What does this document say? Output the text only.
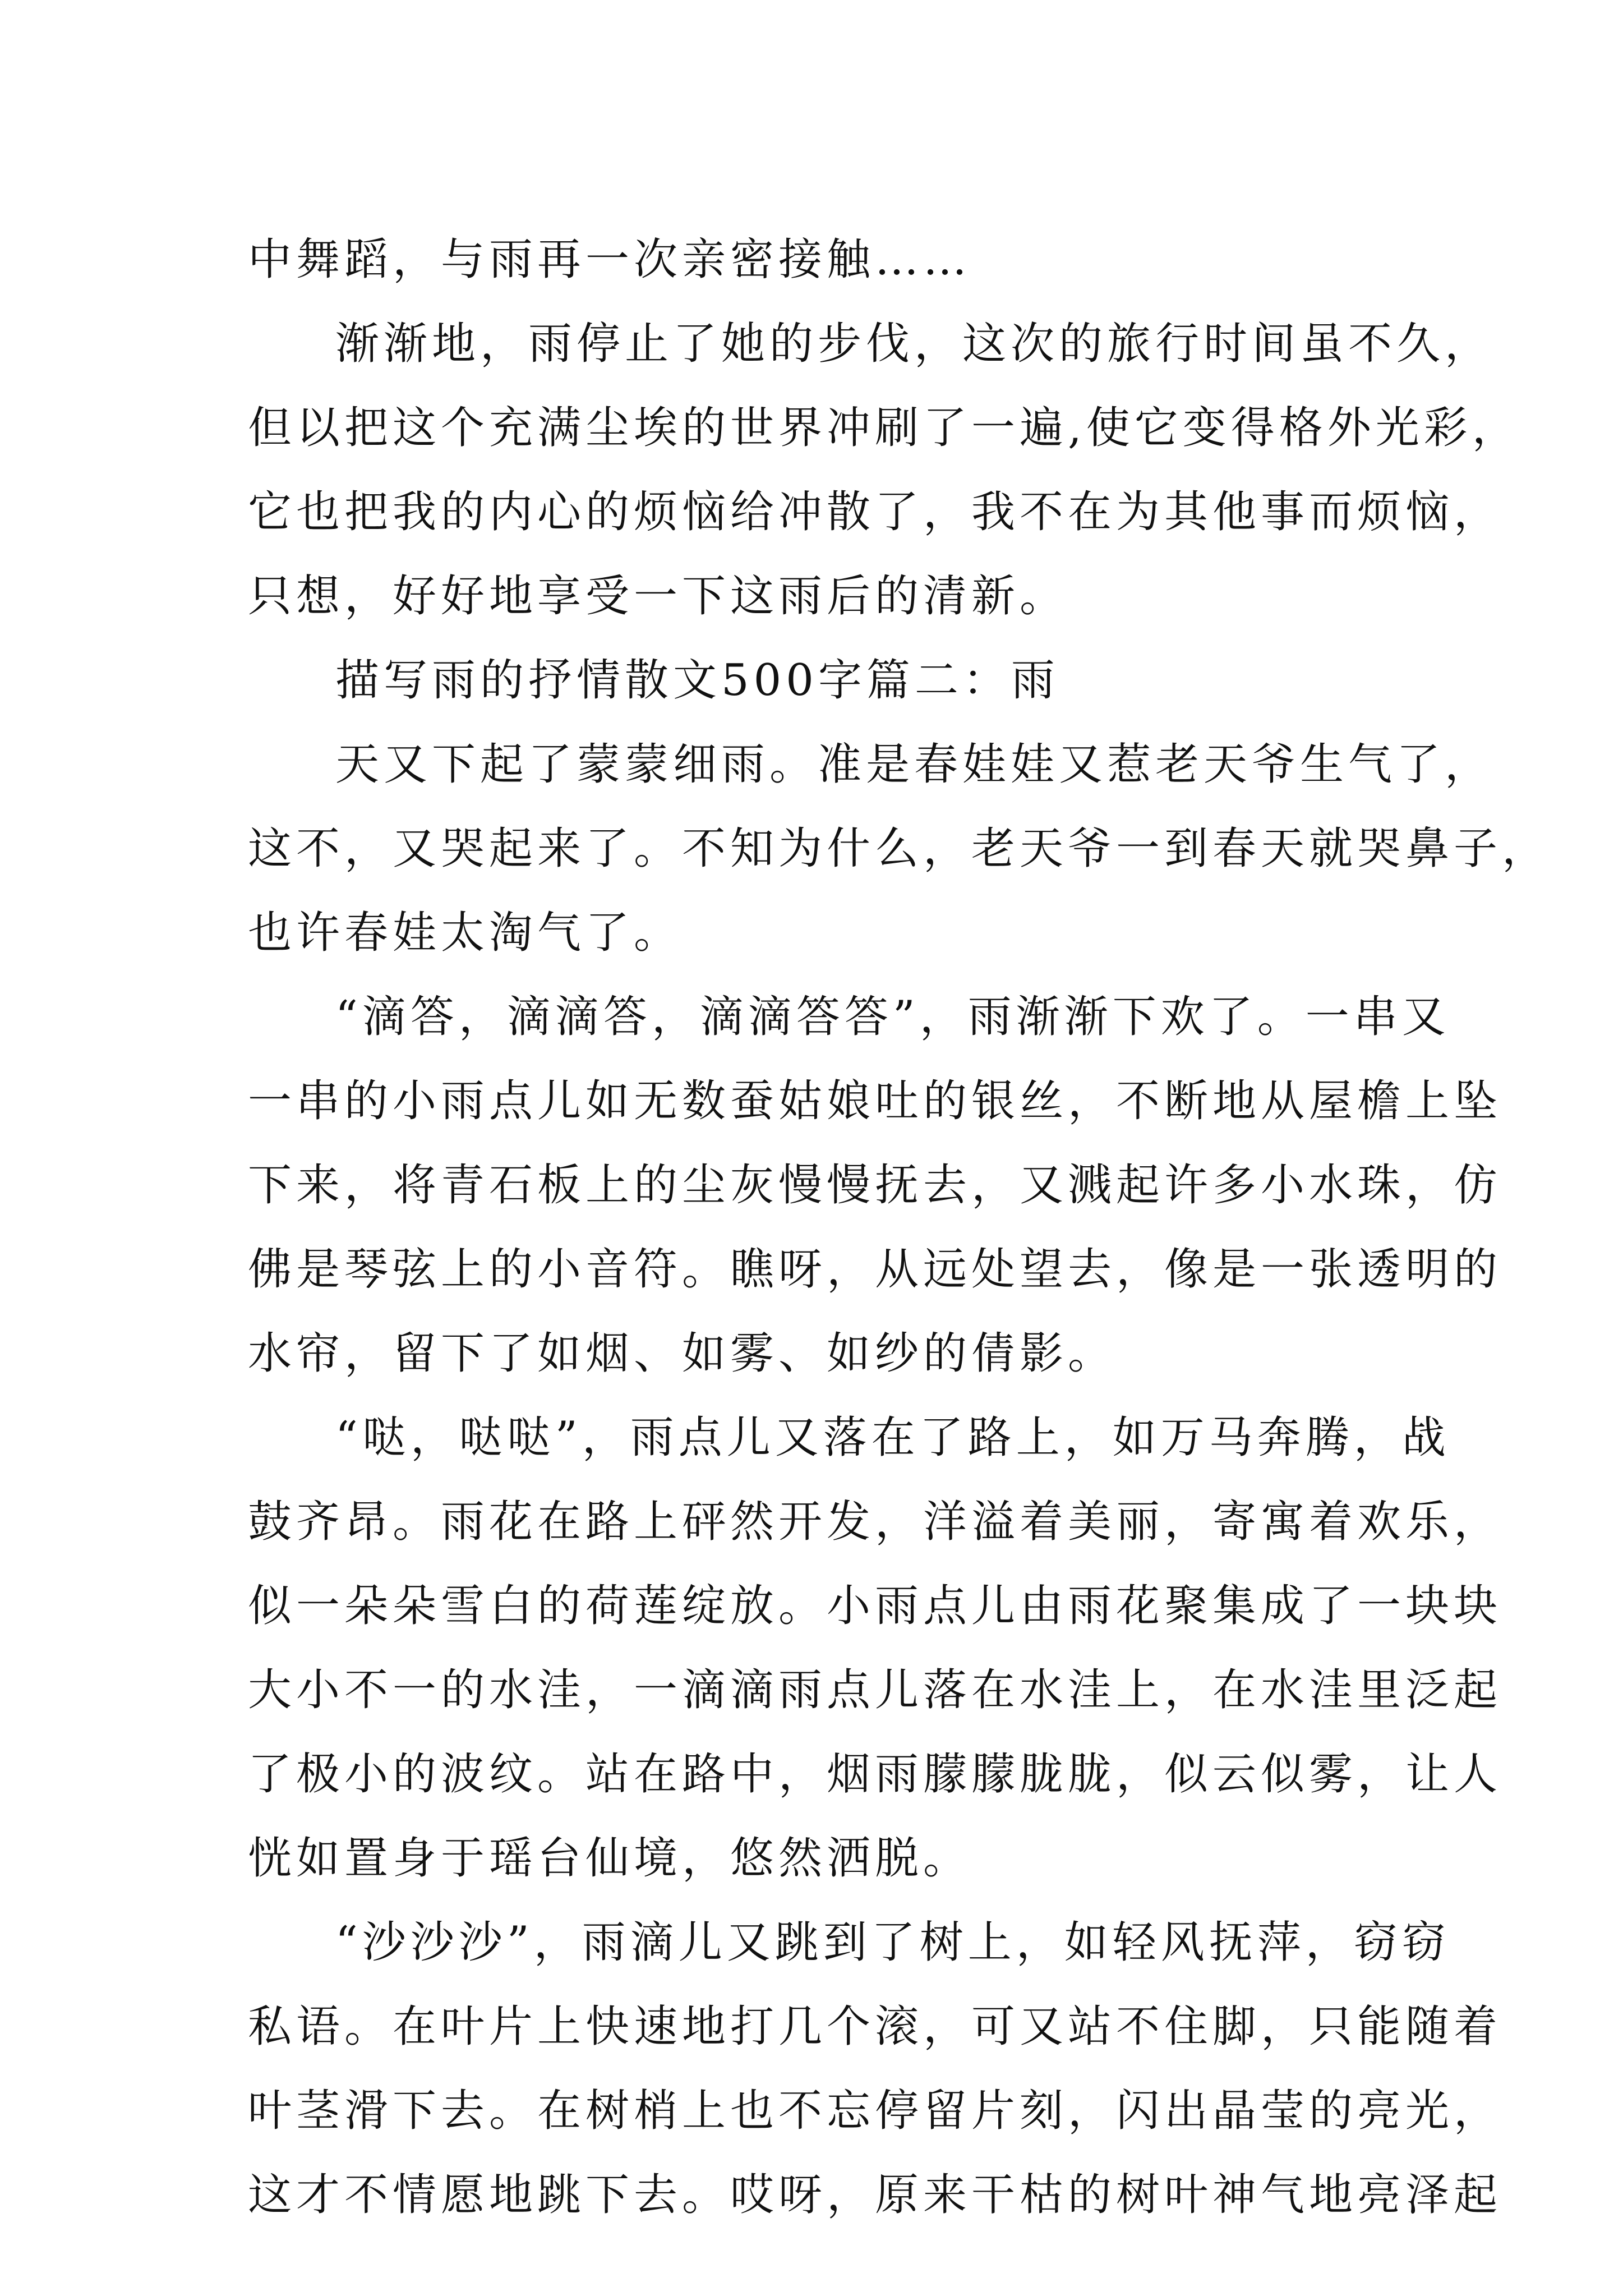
中舞蹈，与雨再一次亲密接触……
渐渐地，雨停止了她的步伐，这次的旅行时间虽不久，
但以把这个充满尘埃的世界冲刷了一遍,使它变得格外光彩，
它也把我的内心的烦恼给冲散了，我不在为其他事而烦恼，
只想，好好地享受一下这雨后的清新。
描写雨的抒情散文500字篇二：雨
天又下起了蒙蒙细雨。准是春娃娃又惹老天爷生气了，
这不，又哭起来了。不知为什么，老天爷一到春天就哭鼻子，
也许春娃太淘气了。
“滴答，滴滴答，滴滴答答”，雨渐渐下欢了。一串又
一串的小雨点儿如无数蚕姑娘吐的银丝，不断地从屋檐上坠
下来，将青石板上的尘灰慢慢抚去，又溅起许多小水珠，仿
佛是琴弦上的小音符。瞧呀，从远处望去，像是一张透明的
水帘，留下了如烟、如雾、如纱的倩影。
“哒，哒哒”，雨点儿又落在了路上，如万马奔腾，战
鼓齐昂。雨花在路上砰然开发，洋溢着美丽，寄寓着欢乐，
似一朵朵雪白的荷莲绽放。小雨点儿由雨花聚集成了一块块
大小不一的水洼，一滴滴雨点儿落在水洼上，在水洼里泛起
了极小的波纹。站在路中，烟雨朦朦胧胧，似云似雾，让人
恍如置身于瑶台仙境，悠然洒脱。
“沙沙沙”，雨滴儿又跳到了树上，如轻风抚萍，窃窃
私语。在叶片上快速地打几个滚，可又站不住脚，只能随着
叶茎滑下去。在树梢上也不忘停留片刻，闪出晶莹的亮光，
这才不情愿地跳下去。哎呀，原来干枯的树叶神气地亮泽起
